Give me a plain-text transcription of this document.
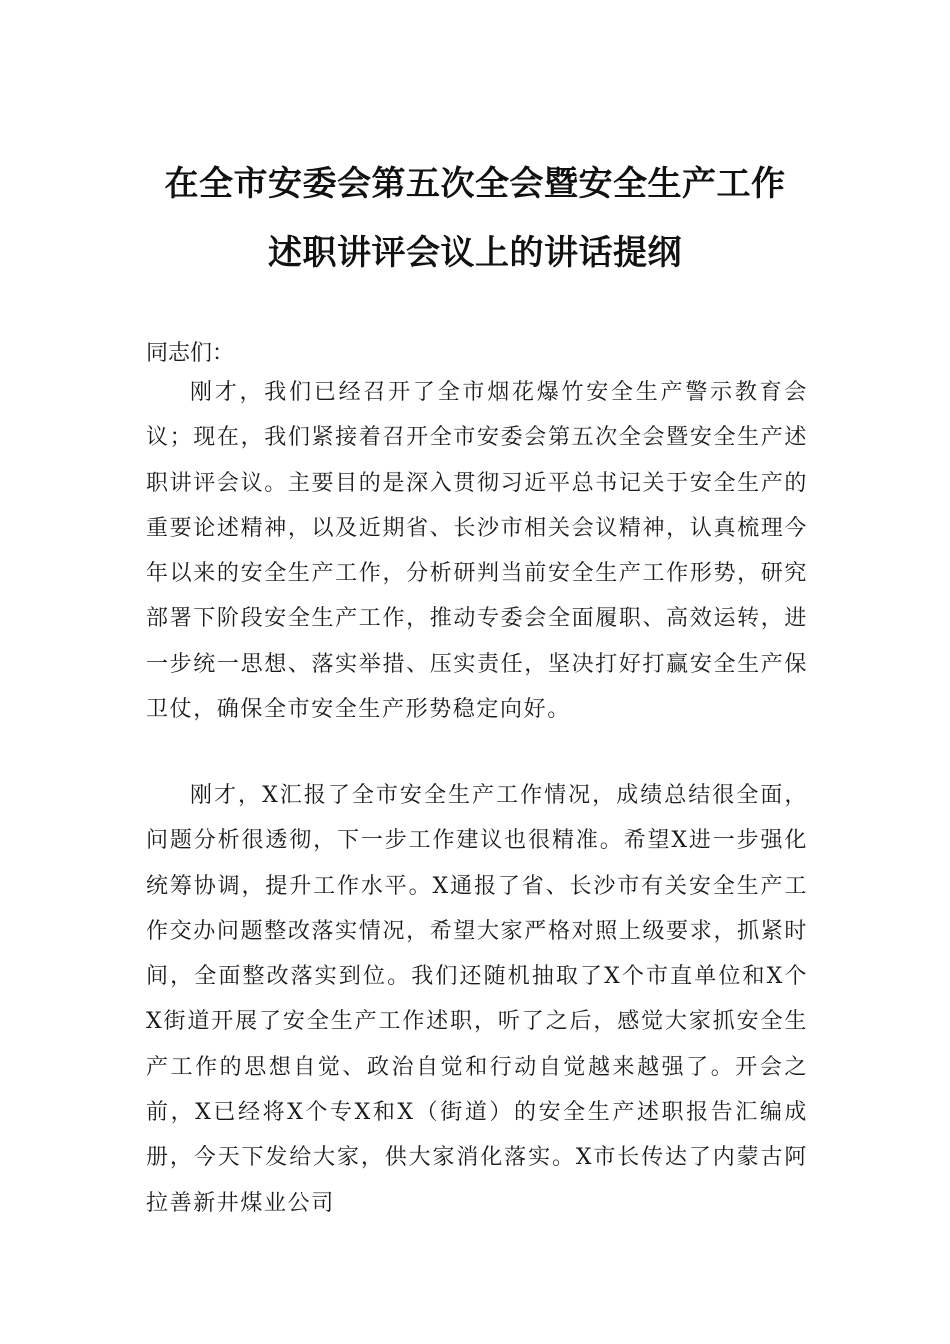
在全市安委会第五次全会暨安全生产工作
述职讲评会议上的讲话提纲
同志们：

刚才，我们已经召开了全市烟花爆竹安全生产警示教育会议；现在，我们紧接着召开全市安委会第五次全会暨安全生产述职讲评会议。主要目的是深入贯彻习近平总书记关于安全生产的重要论述精神，以及近期省、长沙市相关会议精神，认真梳理今年以来的安全生产工作，分析研判当前安全生产工作形势，研究部署下阶段安全生产工作，推动专委会全面履职、高效运转，进一步统一思想、落实举措、压实责任，坚决打好打赢安全生产保卫仗，确保全市安全生产形势稳定向好。

刚才，X汇报了全市安全生产工作情况，成绩总结很全面，问题分析很透彻，下一步工作建议也很精准。希望X进一步强化统筹协调，提升工作水平。X通报了省、长沙市有关安全生产工作交办问题整改落实情况，希望大家严格对照上级要求，抓紧时间，全面整改落实到位。我们还随机抽取了X个市直单位和X个X街道开展了安全生产工作述职，听了之后，感觉大家抓安全生产工作的思想自觉、政治自觉和行动自觉越来越强了。开会之前，X已经将X个专X和X（街道）的安全生产述职报告汇编成册，今天下发给大家，供大家消化落实。X市长传达了内蒙古阿拉善新井煤业公司
